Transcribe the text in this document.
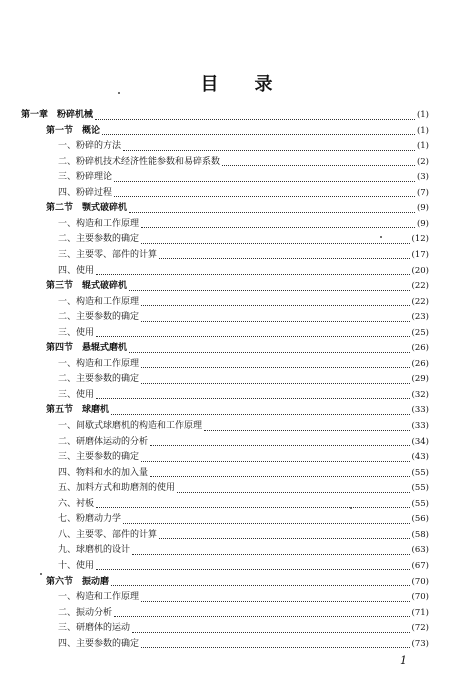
目 录
第一章　粉碎机械	(1)
第一节　概论	(1)
一、粉碎的方法	(1)
二、粉碎机技术经济性能参数和易碎系数	(2)
三、粉碎理论	(3)
四、粉碎过程	(7)
第二节　颚式破碎机	(9)
一、构造和工作原理	(9)
二、主要参数的确定	(12)
三、主要零、部件的计算	(17)
四、使用	(20)
第三节　辊式破碎机	(22)
一、构造和工作原理	(22)
二、主要参数的确定	(23)
三、使用	(25)
第四节　悬辊式磨机	(26)
一、构造和工作原理	(26)
二、主要参数的确定	(29)
三、使用	(32)
第五节　球磨机	(33)
一、间歇式球磨机的构造和工作原理	(33)
二、研磨体运动的分析	(34)
三、主要参数的确定	(43)
四、物料和水的加入量	(55)
五、加料方式和助磨剂的使用	(55)
六、衬板	(55)
七、粉磨动力学	(56)
八、主要零、部件的计算	(58)
九、球磨机的设计	(63)
十、使用	(67)
第六节　振动磨	(70)
一、构造和工作原理	(70)
二、振动分析	(71)
三、研磨体的运动	(72)
四、主要参数的确定	(73)
1
